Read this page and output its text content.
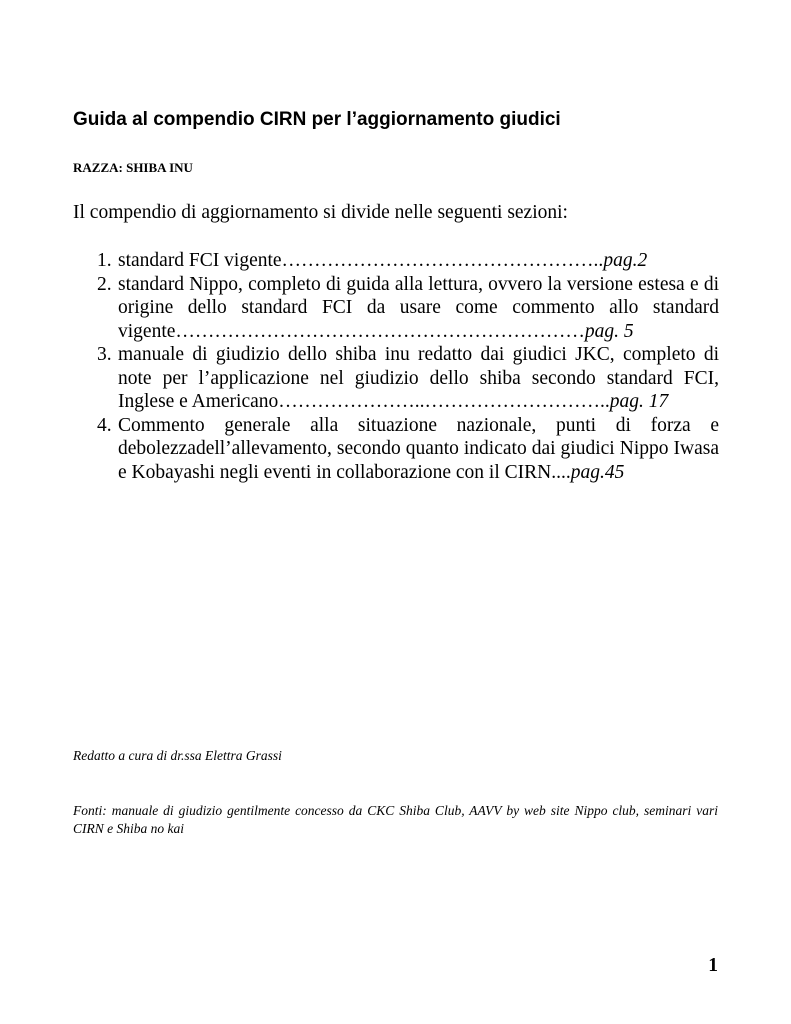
Guida al compendio CIRN per l’aggiornamento giudici
RAZZA: SHIBA INU
Il compendio di aggiornamento si divide nelle seguenti sezioni:
1. standard FCI vigente…………………………………………..pag.2
2. standard Nippo, completo di guida alla lettura, ovvero la versione estesa e di origine dello standard FCI da usare come commento allo standard vigente………………………………………………………pag. 5
3. manuale di giudizio dello shiba inu redatto dai giudici JKC, completo di note per l’applicazione nel giudizio dello shiba secondo standard FCI, Inglese e Americano…………………..………………………..pag. 17
4. Commento generale alla situazione nazionale, punti di forza e debolezzadell’allevamento, secondo quanto indicato dai giudici Nippo Iwasa e Kobayashi negli eventi in collaborazione con il CIRN....pag.45
Redatto a cura di dr.ssa Elettra Grassi
Fonti: manuale di giudizio gentilmente concesso da CKC Shiba Club, AAVV by web site Nippo club, seminari vari CIRN e Shiba no kai
1
